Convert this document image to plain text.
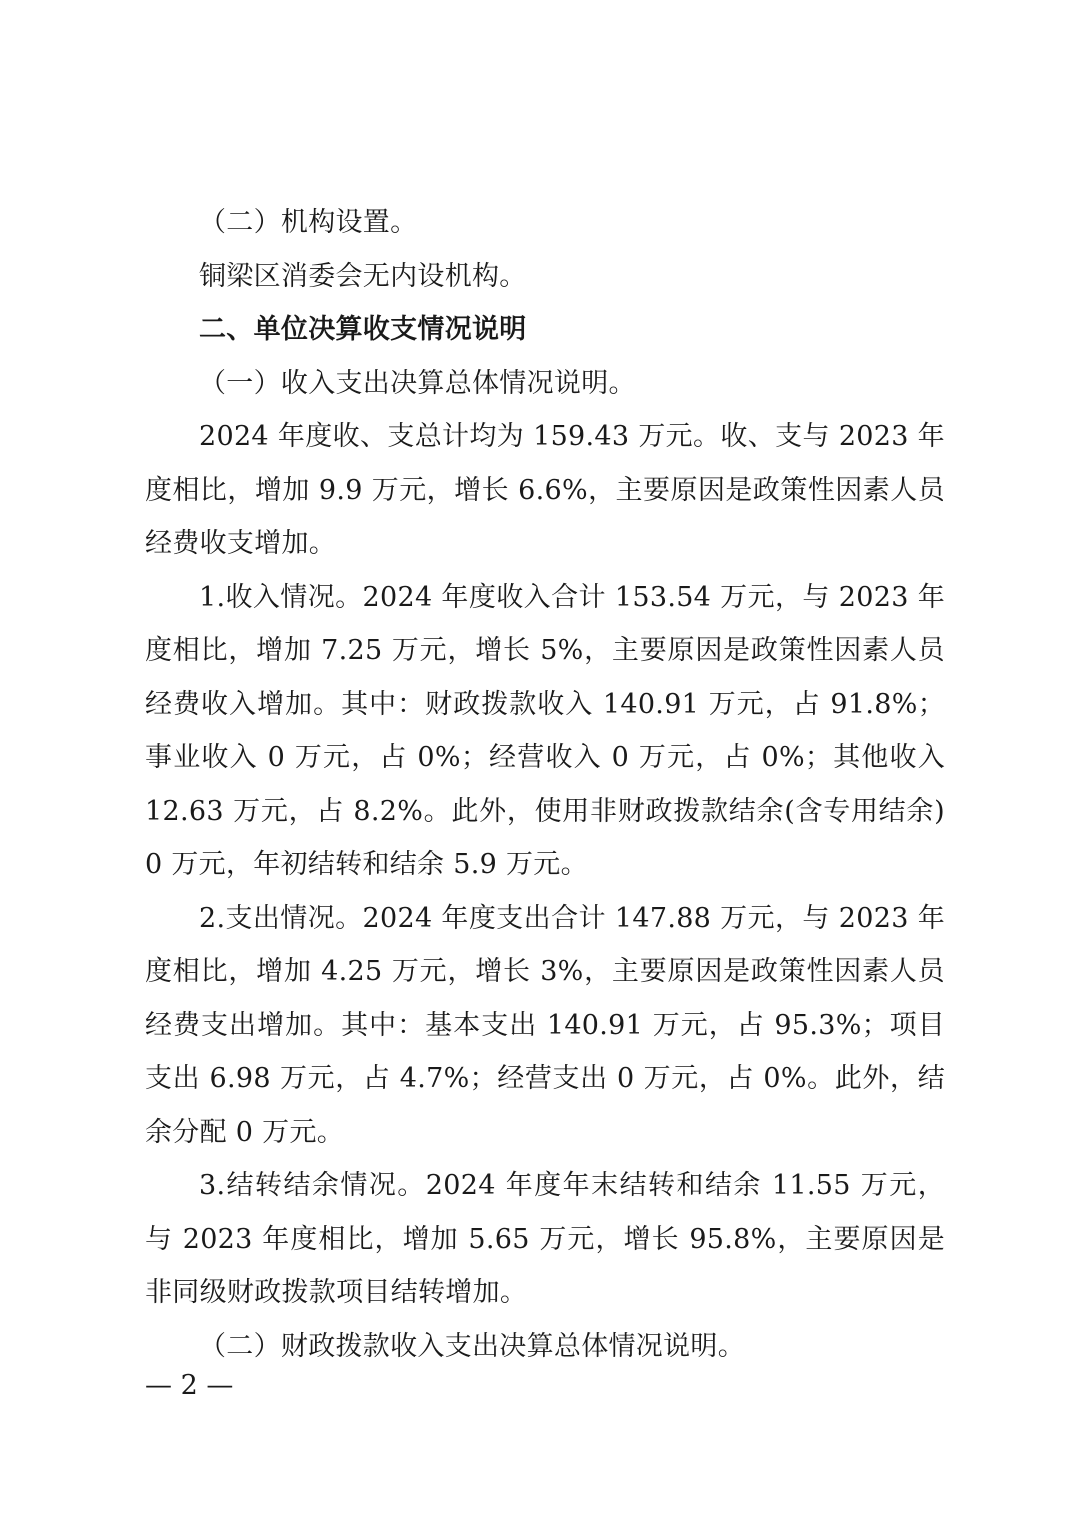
（二）机构设置。

铜梁区消委会无内设机构。

二、单位决算收支情况说明

（一）收入支出决算总体情况说明。

2024 年度收、支总计均为 159.43 万元。收、支与 2023 年度相比，增加 9.9 万元，增长 6.6%，主要原因是政策性因素人员经费收支增加。

1.收入情况。2024 年度收入合计 153.54 万元，与 2023 年度相比，增加 7.25 万元，增长 5%，主要原因是政策性因素人员经费收入增加。其中：财政拨款收入 140.91 万元，占 91.8%；事业收入 0 万元，占 0%；经营收入 0 万元，占 0%；其他收入 12.63 万元，占 8.2%。此外，使用非财政拨款结余(含专用结余)0 万元，年初结转和结余 5.9 万元。

2.支出情况。2024 年度支出合计 147.88 万元，与 2023 年度相比，增加 4.25 万元，增长 3%，主要原因是政策性因素人员经费支出增加。其中：基本支出 140.91 万元，占 95.3%；项目支出 6.98 万元，占 4.7%；经营支出 0 万元，占 0%。此外，结余分配 0 万元。

3.结转结余情况。2024 年度年末结转和结余 11.55 万元，与 2023 年度相比，增加 5.65 万元，增长 95.8%，主要原因是非同级财政拨款项目结转增加。

（二）财政拨款收入支出决算总体情况说明。

— 2 —
